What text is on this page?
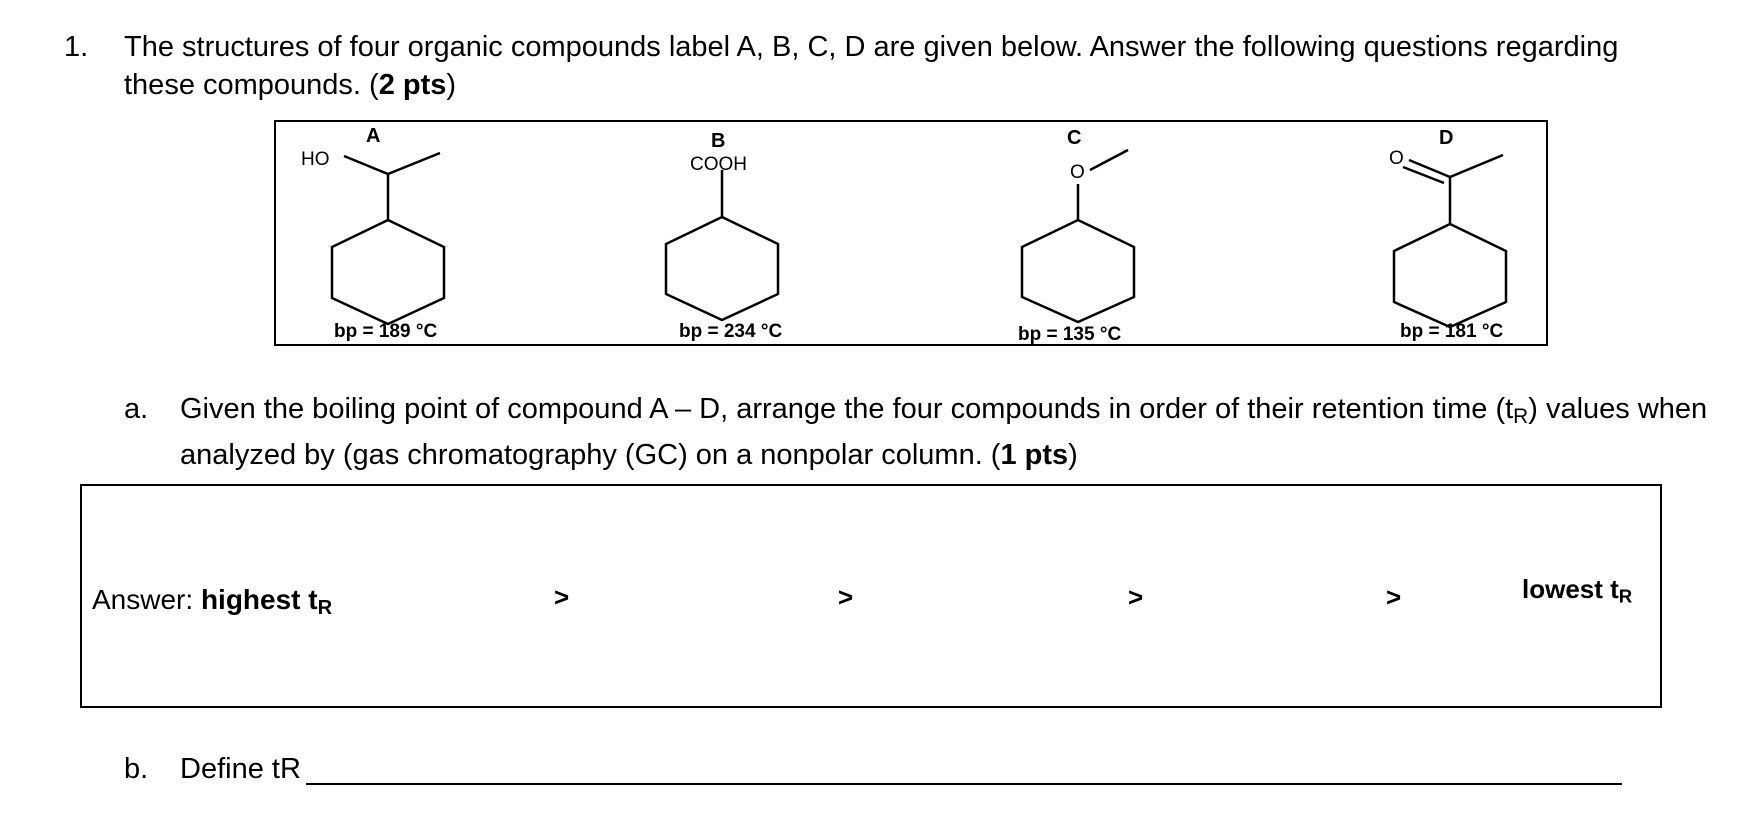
1. The structures of four organic compounds label A, B, C, D are given below. Answer the following questions regarding these compounds. (2 pts)
A
HO
bp = 189 °C
B
COOH
bp = 234 °C
C
O
bp = 135 °C
D
O
bp = 181 °C
a. Given the boiling point of compound A – D, arrange the four compounds in order of their retention time (tR) values when analyzed by (gas chromatography (GC) on a nonpolar column. (1 pts)
Answer: highest tR	>	>	>	>	lowest tR
b. Define tR
